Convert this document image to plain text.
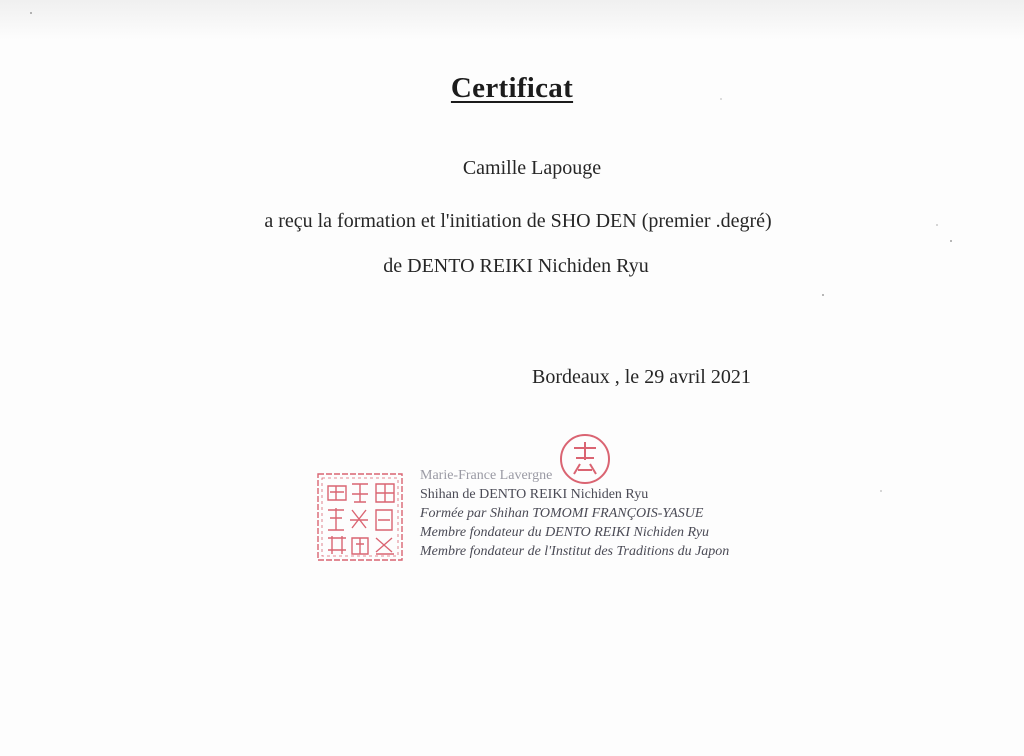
Certificat
Camille Lapouge
a reçu la formation et l'initiation de SHO DEN (premier .degré)
de DENTO REIKI Nichiden Ryu
Bordeaux , le 29 avril 2021
Marie-France Lavergne
Shihan de DENTO REIKI Nichiden Ryu
Formée par Shihan TOMOMI FRANÇOIS-YASUE
Membre fondateur du DENTO REIKI Nichiden Ryu
Membre fondateur de l'Institut des Traditions du Japon
